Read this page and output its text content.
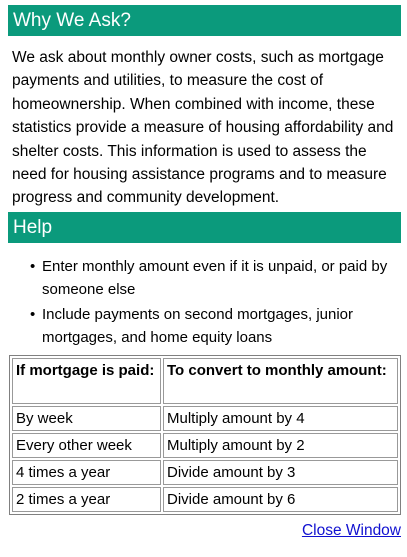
Why We Ask?

We ask about monthly owner costs, such as mortgage payments and utilities, to measure the cost of homeownership. When combined with income, these statistics provide a measure of housing affordability and shelter costs. This information is used to assess the need for housing assistance programs and to measure progress and community development.

Help
• Enter monthly amount even if it is unpaid, or paid by someone else
• Include payments on second mortgages, junior mortgages, and home equity loans
If mortgage is paid:	To convert to monthly amount:
By week	Multiply amount by 4
Every other week	Multiply amount by 2
4 times a year	Divide amount by 3
2 times a year	Divide amount by 6
Close Window
